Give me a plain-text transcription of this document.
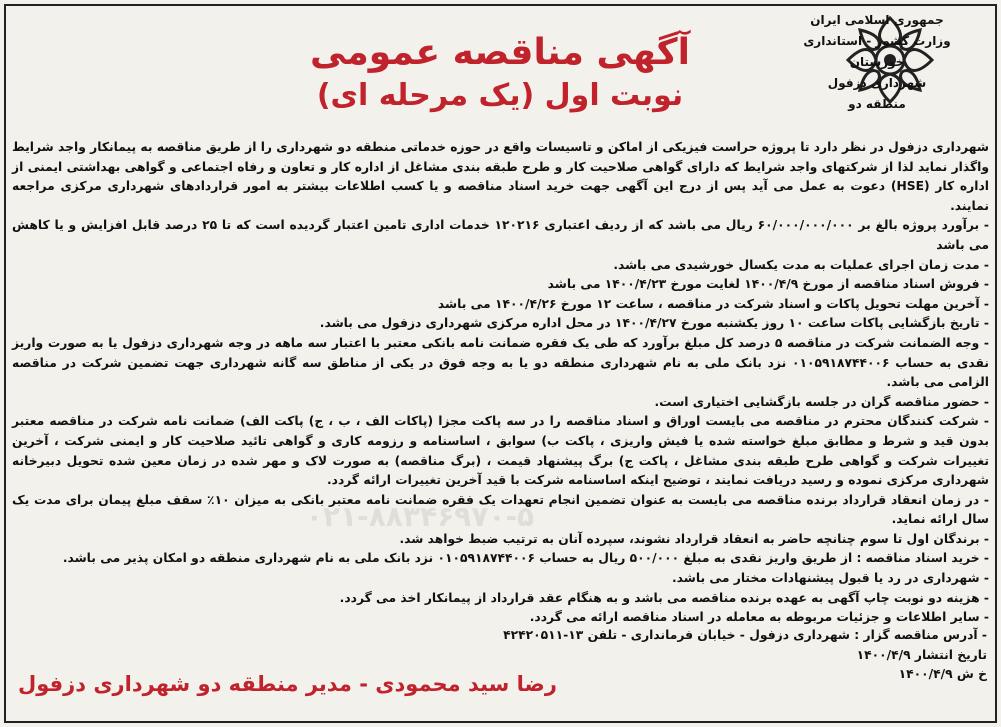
جمهوری اسلامی ایران
وزارت کشور - استانداری خوزستان
شهرداری دزفول
منطقه دو
آگهی مناقصه عمومی
نوبت اول (یک مرحله ای)
۰۲۱-۸۸۳۴۶۹۷۰-۵

شهرداری دزفول در نظر دارد تا پروژه حراست فیزیکی از اماکن و تاسیسات واقع در حوزه خدماتی منطقه دو شهرداری را از طریق مناقصه به پیمانکار واجد شرایط واگذار نماید لذا از شرکتهای واجد شرایط که دارای گواهی صلاحیت کار و طرح طبقه بندی مشاغل از اداره کار و تعاون و رفاه اجتماعی و گواهی بهداشتی ایمنی از اداره کار (HSE) دعوت به عمل می آید پس از درج این آگهی جهت خرید اسناد مناقصه و یا کسب اطلاعات بیشتر به امور قراردادهای شهرداری مرکزی مراجعه نمایند.

- برآورد پروژه بالغ بر ۶۰/۰۰۰/۰۰۰/۰۰۰ ریال می باشد که از ردیف اعتباری ۱۲۰۲۱۶ خدمات اداری تامین اعتبار گردیده است که تا ۲۵ درصد قابل افزایش و یا کاهش می باشد

- مدت زمان اجرای عملیات به مدت یکسال خورشیدی می باشد.

- فروش اسناد مناقصه از مورخ ۱۴۰۰/۴/۹ لغایت مورخ ۱۴۰۰/۴/۲۳ می باشد

- آخرین مهلت تحویل پاکات و اسناد شرکت در مناقصه ، ساعت ۱۲ مورخ ۱۴۰۰/۴/۲۶ می باشد

- تاریخ بازگشایی پاکات ساعت ۱۰ روز یکشنبه مورخ ۱۴۰۰/۴/۲۷ در محل اداره مرکزی شهرداری دزفول می باشد.

- وجه الضمانت شرکت در مناقصه ۵ درصد کل مبلغ برآورد که طی یک فقره ضمانت نامه بانکی معتبر با اعتبار سه ماهه در وجه شهرداری دزفول یا به صورت واریز نقدی به حساب ۰۱۰۵۹۱۸۷۴۴۰۰۶ نزد بانک ملی به نام شهرداری منطقه دو یا به وجه فوق در یکی از مناطق سه گانه شهرداری جهت تضمین شرکت در مناقصه الزامی می باشد.

- حضور مناقصه گران در جلسه بازگشایی اختیاری است.

- شرکت کنندگان محترم در مناقصه می بایست اوراق و اسناد مناقصه را در سه پاکت مجزا (پاکات الف ، ب ، ج) پاکت الف) ضمانت نامه شرکت در مناقصه معتبر بدون قید و شرط و مطابق مبلغ خواسته شده یا فیش واریزی ، پاکت ب) سوابق ، اساسنامه و رزومه کاری و گواهی تائید صلاحیت کار و ایمنی شرکت ، آخرین تغییرات شرکت و گواهی طرح طبقه بندی مشاغل ، پاکت ج) برگ پیشنهاد قیمت ، (برگ مناقصه) به صورت لاک و مهر شده در زمان معین شده تحویل دبیرخانه شهرداری مرکزی نموده و رسید دریافت نمایند ، توضیح اینکه اساسنامه شرکت با قید آخرین تغییرات ارائه گردد.

- در زمان انعقاد قرارداد برنده مناقصه می بایست به عنوان تضمین انجام تعهدات یک فقره ضمانت نامه معتبر بانکی به میزان ۱۰٪ سقف مبلغ پیمان برای مدت یک سال ارائه نماید.

- برندگان اول تا سوم چنانچه حاضر به انعقاد قرارداد نشوند، سپرده آنان به ترتیب ضبط خواهد شد.

- خرید اسناد مناقصه : از طریق واریز نقدی به مبلغ ۵۰۰/۰۰۰ ریال به حساب ۰۱۰۵۹۱۸۷۴۴۰۰۶ نزد بانک ملی به نام شهرداری منطقه دو امکان پذیر می باشد.

- شهرداری در رد یا قبول پیشنهادات مختار می باشد.

- هزینه دو نوبت چاپ آگهی به عهده برنده مناقصه می باشد و به هنگام عقد قرارداد از پیمانکار اخذ می گردد.

- سایر اطلاعات و جزئیات مربوطه به معامله در اسناد مناقصه ارائه می گردد.

- آدرس مناقصه گزار : شهرداری دزفول - خیابان فرمانداری - تلفن ۱۳-۴۲۴۲۰۵۱۱
تاریخ انتشار ۱۴۰۰/۴/۹
خ ش ۱۴۰۰/۴/۹
رضا سید محمودی - مدیر منطقه دو شهرداری دزفول
